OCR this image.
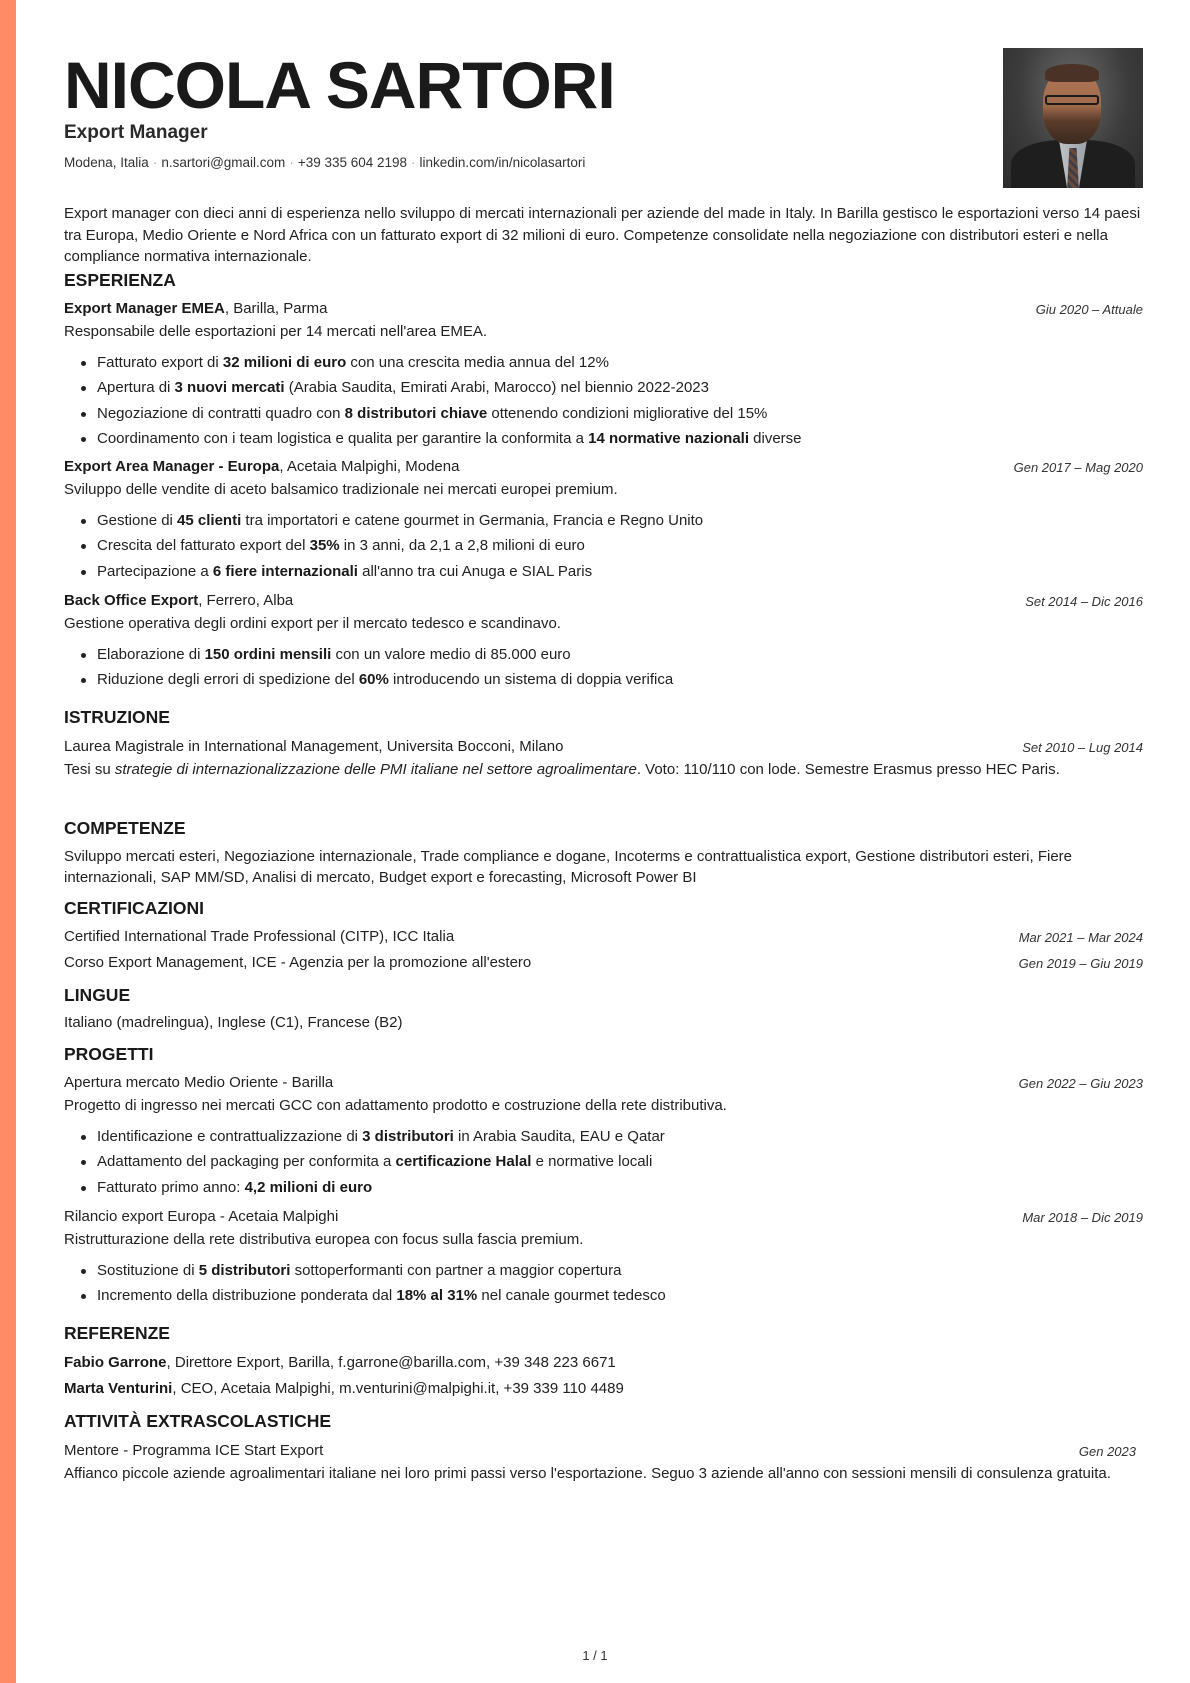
NICOLA SARTORI
Export Manager
Modena, Italia · n.sartori@gmail.com · +39 335 604 2198 · linkedin.com/in/nicolasartori
Export manager con dieci anni di esperienza nello sviluppo di mercati internazionali per aziende del made in Italy. In Barilla gestisco le esportazioni verso 14 paesi tra Europa, Medio Oriente e Nord Africa con un fatturato export di 32 milioni di euro. Competenze consolidate nella negoziazione con distributori esteri e nella compliance normativa internazionale.
ESPERIENZA
Export Manager EMEA, Barilla, Parma	Giu 2020 – Attuale
Responsabile delle esportazioni per 14 mercati nell'area EMEA.
Fatturato export di 32 milioni di euro con una crescita media annua del 12%
Apertura di 3 nuovi mercati (Arabia Saudita, Emirati Arabi, Marocco) nel biennio 2022-2023
Negoziazione di contratti quadro con 8 distributori chiave ottenendo condizioni migliorative del 15%
Coordinamento con i team logistica e qualita per garantire la conformita a 14 normative nazionali diverse
Export Area Manager - Europa, Acetaia Malpighi, Modena	Gen 2017 – Mag 2020
Sviluppo delle vendite di aceto balsamico tradizionale nei mercati europei premium.
Gestione di 45 clienti tra importatori e catene gourmet in Germania, Francia e Regno Unito
Crescita del fatturato export del 35% in 3 anni, da 2,1 a 2,8 milioni di euro
Partecipazione a 6 fiere internazionali all'anno tra cui Anuga e SIAL Paris
Back Office Export, Ferrero, Alba	Set 2014 – Dic 2016
Gestione operativa degli ordini export per il mercato tedesco e scandinavo.
Elaborazione di 150 ordini mensili con un valore medio di 85.000 euro
Riduzione degli errori di spedizione del 60% introducendo un sistema di doppia verifica
ISTRUZIONE
Laurea Magistrale in International Management, Universita Bocconi, Milano	Set 2010 – Lug 2014
Tesi su strategie di internazionalizzazione delle PMI italiane nel settore agroalimentare. Voto: 110/110 con lode. Semestre Erasmus presso HEC Paris.
COMPETENZE
Sviluppo mercati esteri, Negoziazione internazionale, Trade compliance e dogane, Incoterms e contrattualistica export, Gestione distributori esteri, Fiere internazionali, SAP MM/SD, Analisi di mercato, Budget export e forecasting, Microsoft Power BI
CERTIFICAZIONI
Certified International Trade Professional (CITP), ICC Italia	Mar 2021 – Mar 2024
Corso Export Management, ICE - Agenzia per la promozione all'estero	Gen 2019 – Giu 2019
LINGUE
Italiano (madrelingua), Inglese (C1), Francese (B2)
PROGETTI
Apertura mercato Medio Oriente - Barilla	Gen 2022 – Giu 2023
Progetto di ingresso nei mercati GCC con adattamento prodotto e costruzione della rete distributiva.
Identificazione e contrattualizzazione di 3 distributori in Arabia Saudita, EAU e Qatar
Adattamento del packaging per conformita a certificazione Halal e normative locali
Fatturato primo anno: 4,2 milioni di euro
Rilancio export Europa - Acetaia Malpighi	Mar 2018 – Dic 2019
Ristrutturazione della rete distributiva europea con focus sulla fascia premium.
Sostituzione di 5 distributori sottoperformanti con partner a maggior copertura
Incremento della distribuzione ponderata dal 18% al 31% nel canale gourmet tedesco
REFERENZE
Fabio Garrone, Direttore Export, Barilla, f.garrone@barilla.com, +39 348 223 6671
Marta Venturini, CEO, Acetaia Malpighi, m.venturini@malpighi.it, +39 339 110 4489
ATTIVITÀ EXTRASCOLASTICHE
Mentore - Programma ICE Start Export	Gen 2023
Affianco piccole aziende agroalimentari italiane nei loro primi passi verso l'esportazione. Seguo 3 aziende all'anno con sessioni mensili di consulenza gratuita.
1 / 1
